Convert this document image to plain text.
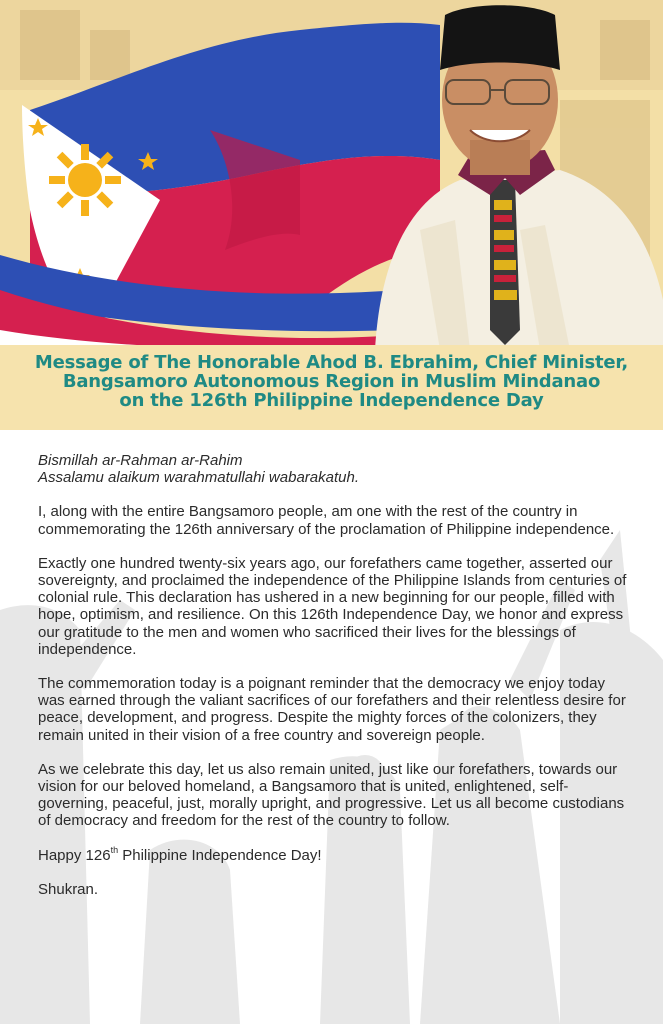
Message of The Honorable Ahod B. Ebrahim, Chief Minister,
Bangsamoro Autonomous Region in Muslim Mindanao
on the 126th Philippine Independence Day

Bismillah ar-Rahman ar-Rahim
Assalamu alaikum warahmatullahi wabarakatuh.

I, along with the entire Bangsamoro people, am one with the rest of the country in commemorating the 126th anniversary of the proclamation of Philippine independence.

Exactly one hundred twenty-six years ago, our forefathers came together, asserted our sovereignty, and proclaimed the independence of the Philippine Islands from centuries of colonial rule. This declaration has ushered in a new beginning for our people, filled with hope, optimism, and resilience. On this 126th Independence Day, we honor and express our gratitude to the men and women who sacrificed their lives for the blessings of independence.

The commemoration today is a poignant reminder that the democracy we enjoy today was earned through the valiant sacrifices of our forefathers and their relentless desire for peace, development, and progress. Despite the mighty forces of the colonizers, they remain united in their vision of a free country and sovereign people.

As we celebrate this day, let us also remain united, just like our forefathers, towards our vision for our beloved homeland, a Bangsamoro that is united, enlightened, self-governing, peaceful, just, morally upright, and progressive. Let us all become custodians of democracy and freedom for the rest of the country to follow.

Happy 126th Philippine Independence Day!

Shukran.
